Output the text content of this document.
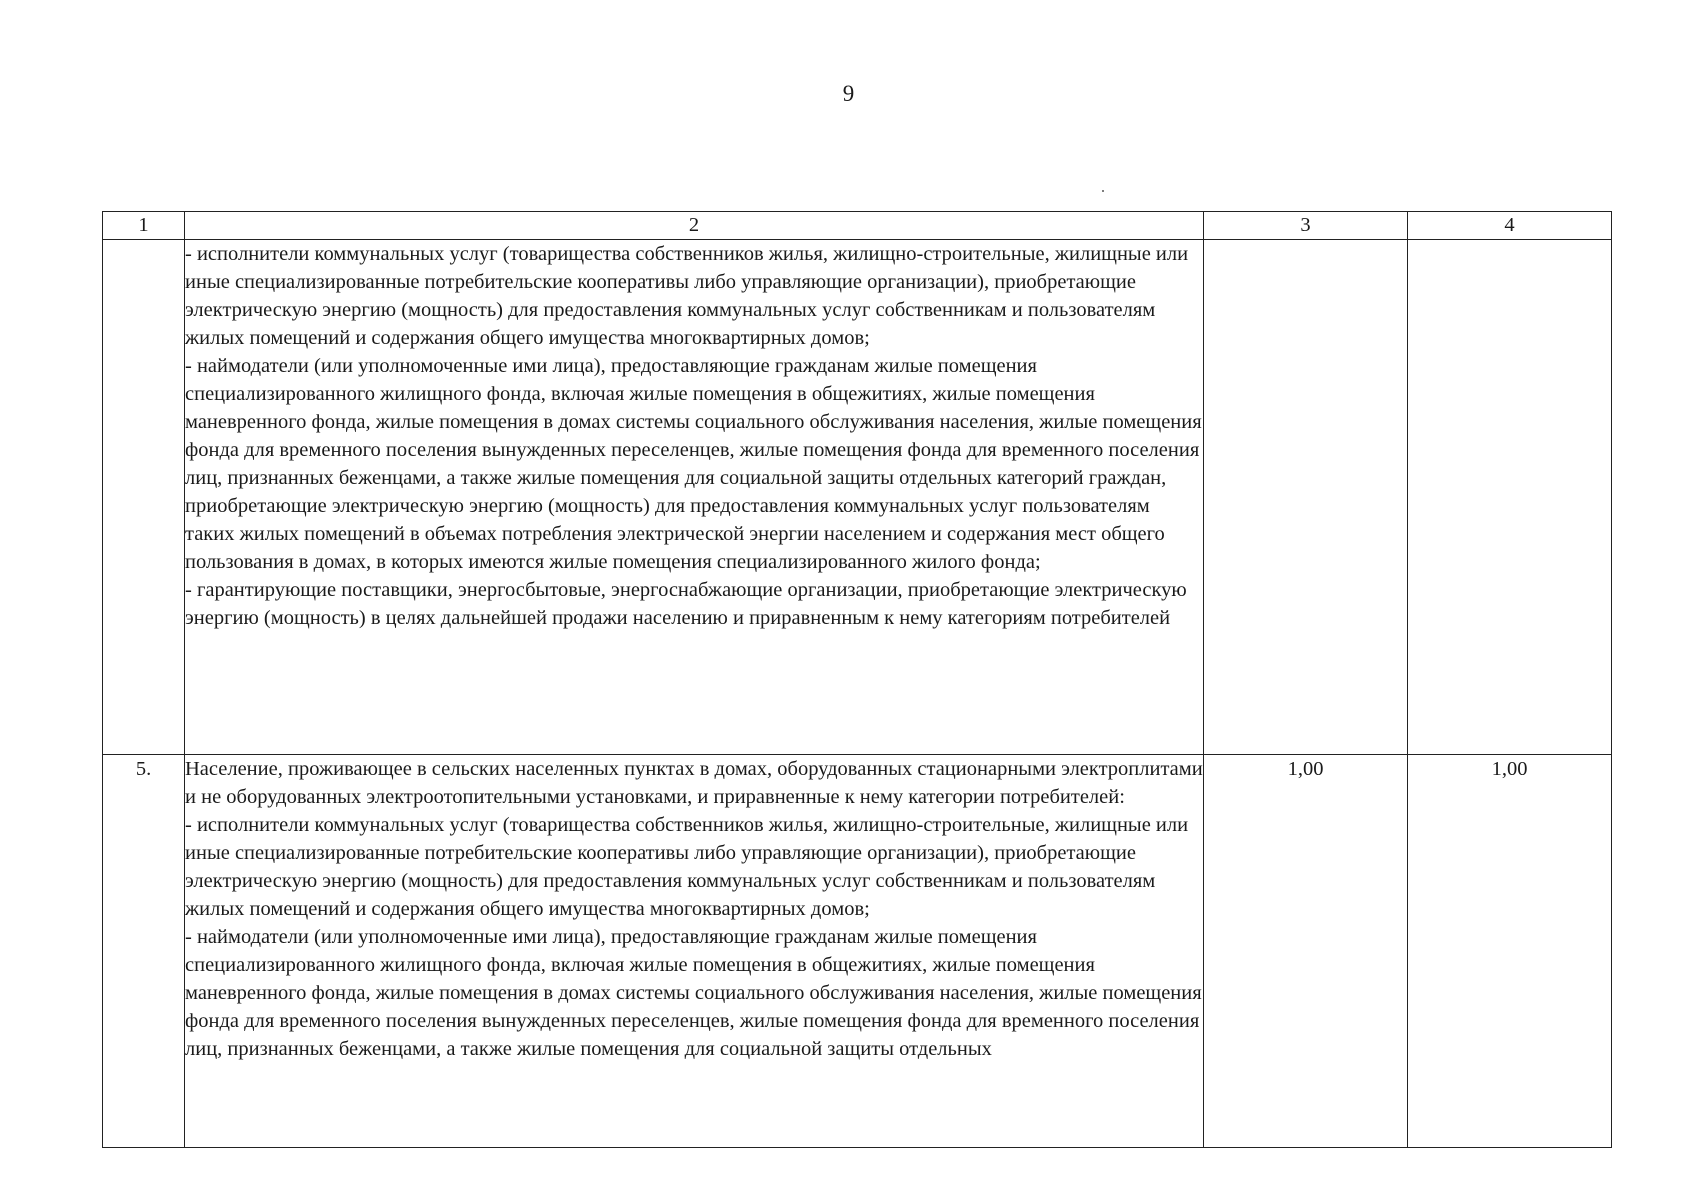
9
1	2	3	4

	- исполнители коммунальных услуг (товарищества собственников жилья, жилищно-строительные, жилищные или иные специализированные потребительские кооперативы либо управляющие организации), приобретающие электрическую энергию (мощность) для предоставления коммунальных услуг собственникам и пользователям жилых помещений и содержания общего имущества многоквартирных домов;
- наймодатели (или уполномоченные ими лица), предоставляющие гражданам жилые помещения специализированного жилищного фонда, включая жилые помещения в общежитиях, жилые помещения маневренного фонда, жилые помещения в домах системы социального обслуживания населения, жилые помещения фонда для временного поселения вынужденных переселенцев, жилые помещения фонда для временного поселения лиц, признанных беженцами, а также жилые помещения для социальной защиты отдельных категорий граждан, приобретающие электрическую энергию (мощность) для предоставления коммунальных услуг пользователям таких жилых помещений в объемах потребления электрической энергии населением и содержания мест общего пользования в домах, в которых имеются жилые помещения специализированного жилого фонда;
- гарантирующие поставщики, энергосбытовые, энергоснабжающие организации, приобретающие электрическую энергию (мощность) в целях дальнейшей продажи населению и приравненным к нему категориям потребителей		

5.	Население, проживающее в сельских населенных пунктах в домах, оборудованных стационарными электроплитами и не оборудованных электроотопительными установками, и приравненные к нему категории потребителей:
- исполнители коммунальных услуг (товарищества собственников жилья, жилищно-строительные, жилищные или иные специализированные потребительские кооперативы либо управляющие организации), приобретающие электрическую энергию (мощность) для предоставления коммунальных услуг собственникам и пользователям жилых помещений и содержания общего имущества многоквартирных домов;
- наймодатели (или уполномоченные ими лица), предоставляющие гражданам жилые помещения специализированного жилищного фонда, включая жилые помещения в общежитиях, жилые помещения маневренного фонда, жилые помещения в домах системы социального обслуживания населения, жилые помещения фонда для временного поселения вынужденных переселенцев, жилые помещения фонда для временного поселения лиц, признанных беженцами, а также жилые помещения для социальной защиты отдельных	1,00	1,00
